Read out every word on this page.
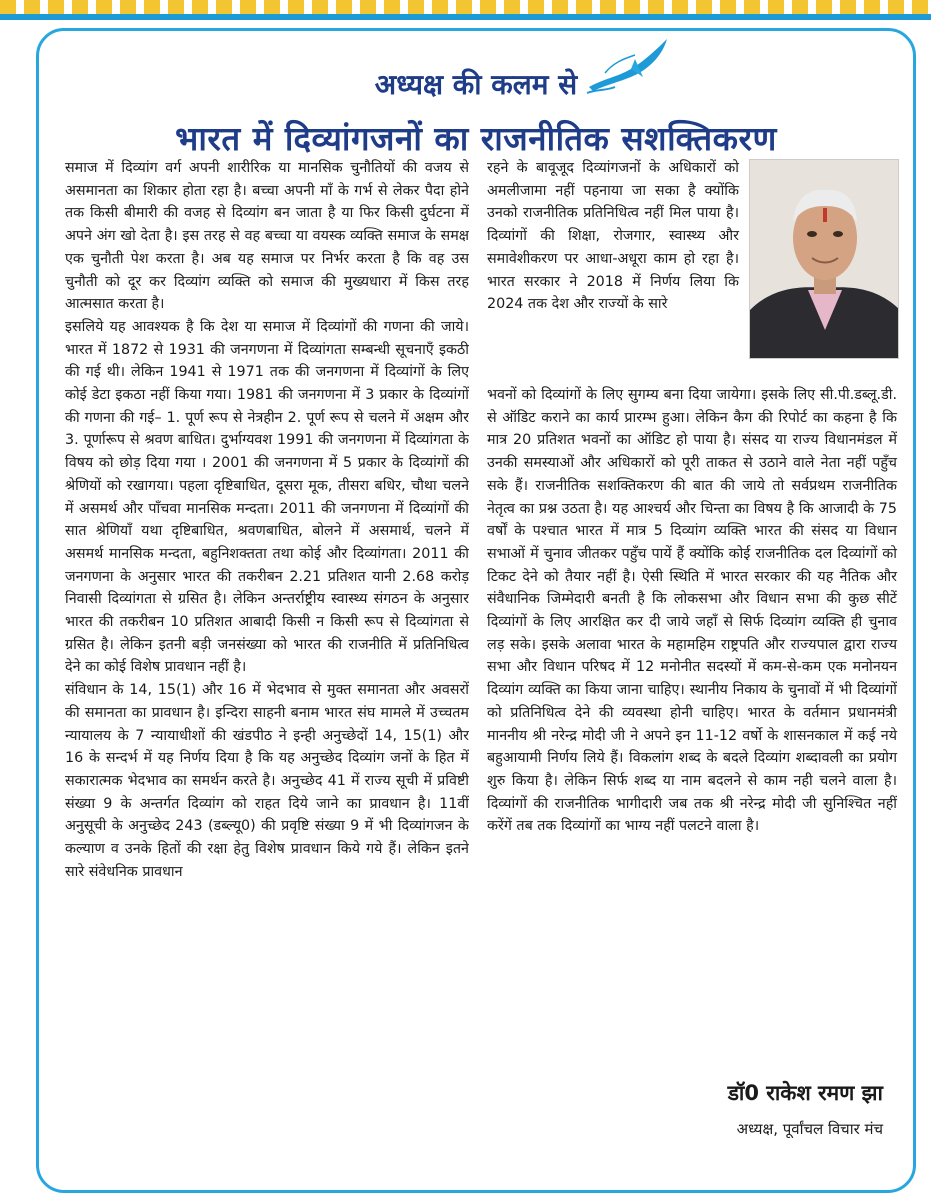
अध्यक्ष की कलम से
भारत में दिव्यांगजनों का राजनीतिक सशक्तिकरण

समाज में दिव्यांग वर्ग अपनी शारीरिक या मानसिक चुनौतियों की वजय से असमानता का शिकार होता रहा है। बच्चा अपनी माँ के गर्भ से लेकर पैदा होने तक किसी बीमारी की वजह से दिव्यांग बन जाता है या फिर किसी दुर्घटना में अपने अंग खो देता है। इस तरह से वह बच्चा या वयस्क व्यक्ति समाज के समक्ष एक चुनौती पेश करता है। अब यह समाज पर निर्भर करता है कि वह उस चुनौती को दूर कर दिव्यांग व्यक्ति को समाज की मुख्यधारा में किस तरह आत्मसात करता है।

इसलिये यह आवश्यक है कि देश या समाज में दिव्यांगों की गणना की जाये। भारत में 1872 से 1931 की जनगणना में दिव्यांगता सम्बन्धी सूचनाएँ इकठी की गई थी। लेकिन 1941 से 1971 तक की जनगणना में दिव्यांगों के लिए कोई डेटा इकठा नहीं किया गया। 1981 की जनगणना में 3 प्रकार के दिव्यांगों की गणना की गई– 1. पूर्ण रूप से नेत्रहीन 2. पूर्ण रूप से चलने में अक्षम और 3. पूर्णारूप से श्रवण बाधित। दुर्भाग्यवश 1991 की जनगणना में दिव्यांगता के विषय को छोड़ दिया गया । 2001 की जनगणना में 5 प्रकार के दिव्यांगों की श्रेणियों को रखागया। पहला दृष्टिबाधित, दूसरा मूक, तीसरा बधिर, चौथा चलने में असमर्थ और पाँचवा मानसिक मन्दता। 2011 की जनगणना में दिव्यांगों की सात श्रेणियाँ यथा दृष्टिबाधित, श्रवणबाधित, बोलने में असमार्थ, चलने में असमर्थ मानसिक मन्दता, बहुनिशक्तता तथा कोई और दिव्यांगता। 2011 की जनगणना के अनुसार भारत की तकरीबन 2.21 प्रतिशत यानी 2.68 करोड़ निवासी दिव्यांगता से ग्रसित है। लेकिन अन्तर्राष्ट्रीय स्वास्थ्य संगठन के अनुसार भारत की तकरीबन 10 प्रतिशत आबादी किसी न किसी रूप से दिव्यांगता से ग्रसित है। लेकिन इतनी बड़ी जनसंख्या को भारत की राजनीति में प्रतिनिधित्व देने का कोई विशेष प्रावधान नहीं है।

संविधान के 14, 15(1) और 16 में भेदभाव से मुक्त समानता और अवसरों की समानता का प्रावधान है। इन्दिरा साहनी बनाम भारत संघ मामले में उच्चतम न्यायालय के 7 न्यायाधीशों की खंडपीठ ने इन्ही अनुच्छेदों 14, 15(1) और 16 के सन्दर्भ में यह निर्णय दिया है कि यह अनुच्छेद दिव्यांग जनों के हित में सकारात्मक भेदभाव का समर्थन करते है। अनुच्छेद 41 में राज्य सूची में प्रविष्टी संख्या 9 के अन्तर्गत दिव्यांग को राहत दिये जाने का प्रावधान है। 11वीं अनुसूची के अनुच्छेद 243 (डब्ल्यू0) की प्रवृष्टि संख्या 9 में भी दिव्यांगजन के कल्याण व उनके हितों की रक्षा हेतु विशेष प्रावधान किये गये हैं। लेकिन इतने सारे संवेधनिक प्रावधान

रहने के बावूजूद दिव्यांगजनों के अधिकारों को अमलीजामा नहीं पहनाया जा सका है क्योंकि उनको राजनीतिक प्रतिनिधित्व नहीं मिल पाया है। दिव्यांगों की शिक्षा, रोजगार, स्वास्थ्य और समावेशीकरण पर आधा-अधूरा काम हो रहा है। भारत सरकार ने 2018 में निर्णय लिया कि 2024 तक देश और राज्यों के सारे

भवनों को दिव्यांगों के लिए सुगम्य बना दिया जायेगा। इसके लिए सी.पी.डब्लू.डी. से ऑडिट कराने का कार्य प्रारम्भ हुआ। लेकिन कैग की रिपोर्ट का कहना है कि मात्र 20 प्रतिशत भवनों का ऑडिट हो पाया है। संसद या राज्य विधानमंडल में उनकी समस्याओं और अधिकारों को पूरी ताकत से उठाने वाले नेता नहीं पहुँच सके हैं। राजनीतिक सशक्तिकरण की बात की जाये तो सर्वप्रथम राजनीतिक नेतृत्व का प्रश्न उठता है। यह आश्चर्य और चिन्ता का विषय है कि आजादी के 75 वर्षों के पश्चात भारत में मात्र 5 दिव्यांग व्यक्ति भारत की संसद या विधान सभाओं में चुनाव जीतकर पहुँच पायें हैं क्योंकि कोई राजनीतिक दल दिव्यांगों को टिकट देने को तैयार नहीं है। ऐसी स्थिति में भारत सरकार की यह नैतिक और संवैधानिक जिम्मेदारी बनती है कि लोकसभा और विधान सभा की कुछ सीटें दिव्यांगों के लिए आरक्षित कर दी जाये जहाँ से सिर्फ दिव्यांग व्यक्ति ही चुनाव लड़ सके। इसके अलावा भारत के महामहिम राष्ट्रपति और राज्यपाल द्वारा राज्य सभा और विधान परिषद में 12 मनोनीत सदस्यों में कम-से-कम एक मनोनयन दिव्यांग व्यक्ति का किया जाना चाहिए। स्थानीय निकाय के चुनावों में भी दिव्यांगों को प्रतिनिधित्व देने की व्यवस्था होनी चाहिए। भारत के वर्तमान प्रधानमंत्री माननीय श्री नरेन्द्र मोदी जी ने अपने इन 11-12 वर्षो के शासनकाल में कई नये बहुआयामी निर्णय लिये हैं। विकलांग शब्द के बदले दिव्यांग शब्दावली का प्रयोग शुरु किया है। लेकिन सिर्फ शब्द या नाम बदलने से काम नही चलने वाला है। दिव्यांगों की राजनीतिक भागीदारी जब तक श्री नरेन्द्र मोदी जी सुनिश्चित नहीं करेंगें तब तक दिव्यांगों का भाग्य नहीं पलटने वाला है।

डॉ0 राकेश रमण झा
अध्यक्ष, पूर्वांचल विचार मंच
